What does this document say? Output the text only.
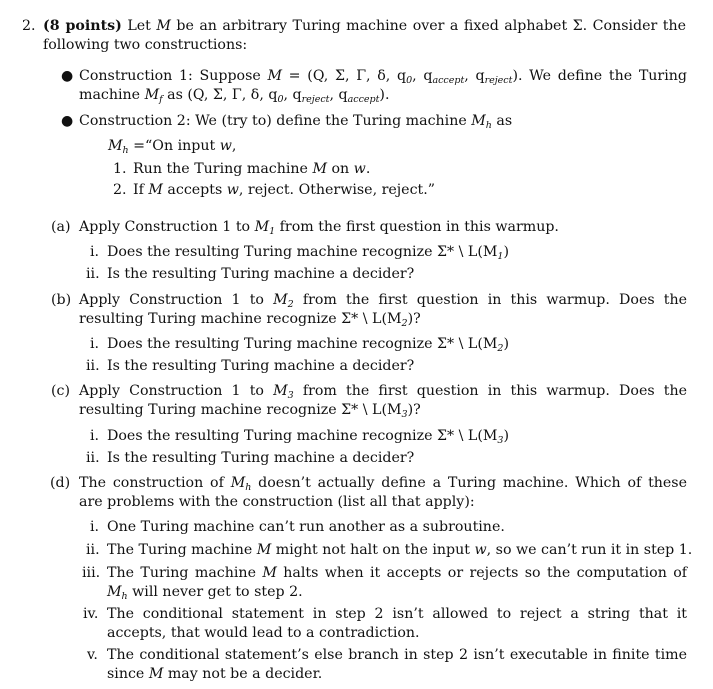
2. (8 points) Let M be an arbitrary Turing machine over a fixed alphabet Σ. Consider the following two constructions:
● Construction 1: Suppose M = (Q, Σ, Γ, δ, $q_0$, $q_{accept}$, $q_{reject}$). We define the Turing machine $M_f$ as (Q, Σ, Γ, δ, $q_0$, $q_{reject}$, $q_{accept}$).
● Construction 2: We (try to) define the Turing machine $M_h$ as
$M_h$ =“On input w,
1. Run the Turing machine M on w.
2. If M accepts w, reject. Otherwise, reject.”
(a) Apply Construction 1 to $M_1$ from the first question in this warmup.
i. Does the resulting Turing machine recognize Σ* \ $L(M_1)$
ii. Is the resulting Turing machine a decider?
(b) Apply Construction 1 to $M_2$ from the first question in this warmup. Does the resulting Turing machine recognize Σ* \ $L(M_2)$?
i. Does the resulting Turing machine recognize Σ* \ $L(M_2)$
ii. Is the resulting Turing machine a decider?
(c) Apply Construction 1 to $M_3$ from the first question in this warmup. Does the resulting Turing machine recognize Σ* \ $L(M_3)$?
i. Does the resulting Turing machine recognize Σ* \ $L(M_3)$
ii. Is the resulting Turing machine a decider?
(d) The construction of $M_h$ doesn’t actually define a Turing machine. Which of these are problems with the construction (list all that apply):
i. One Turing machine can’t run another as a subroutine.
ii. The Turing machine M might not halt on the input w, so we can’t run it in step 1.
iii. The Turing machine M halts when it accepts or rejects so the computation of $M_h$ will never get to step 2.
iv. The conditional statement in step 2 isn’t allowed to reject a string that it accepts, that would lead to a contradiction.
v. The conditional statement’s else branch in step 2 isn’t executable in finite time since M may not be a decider.
